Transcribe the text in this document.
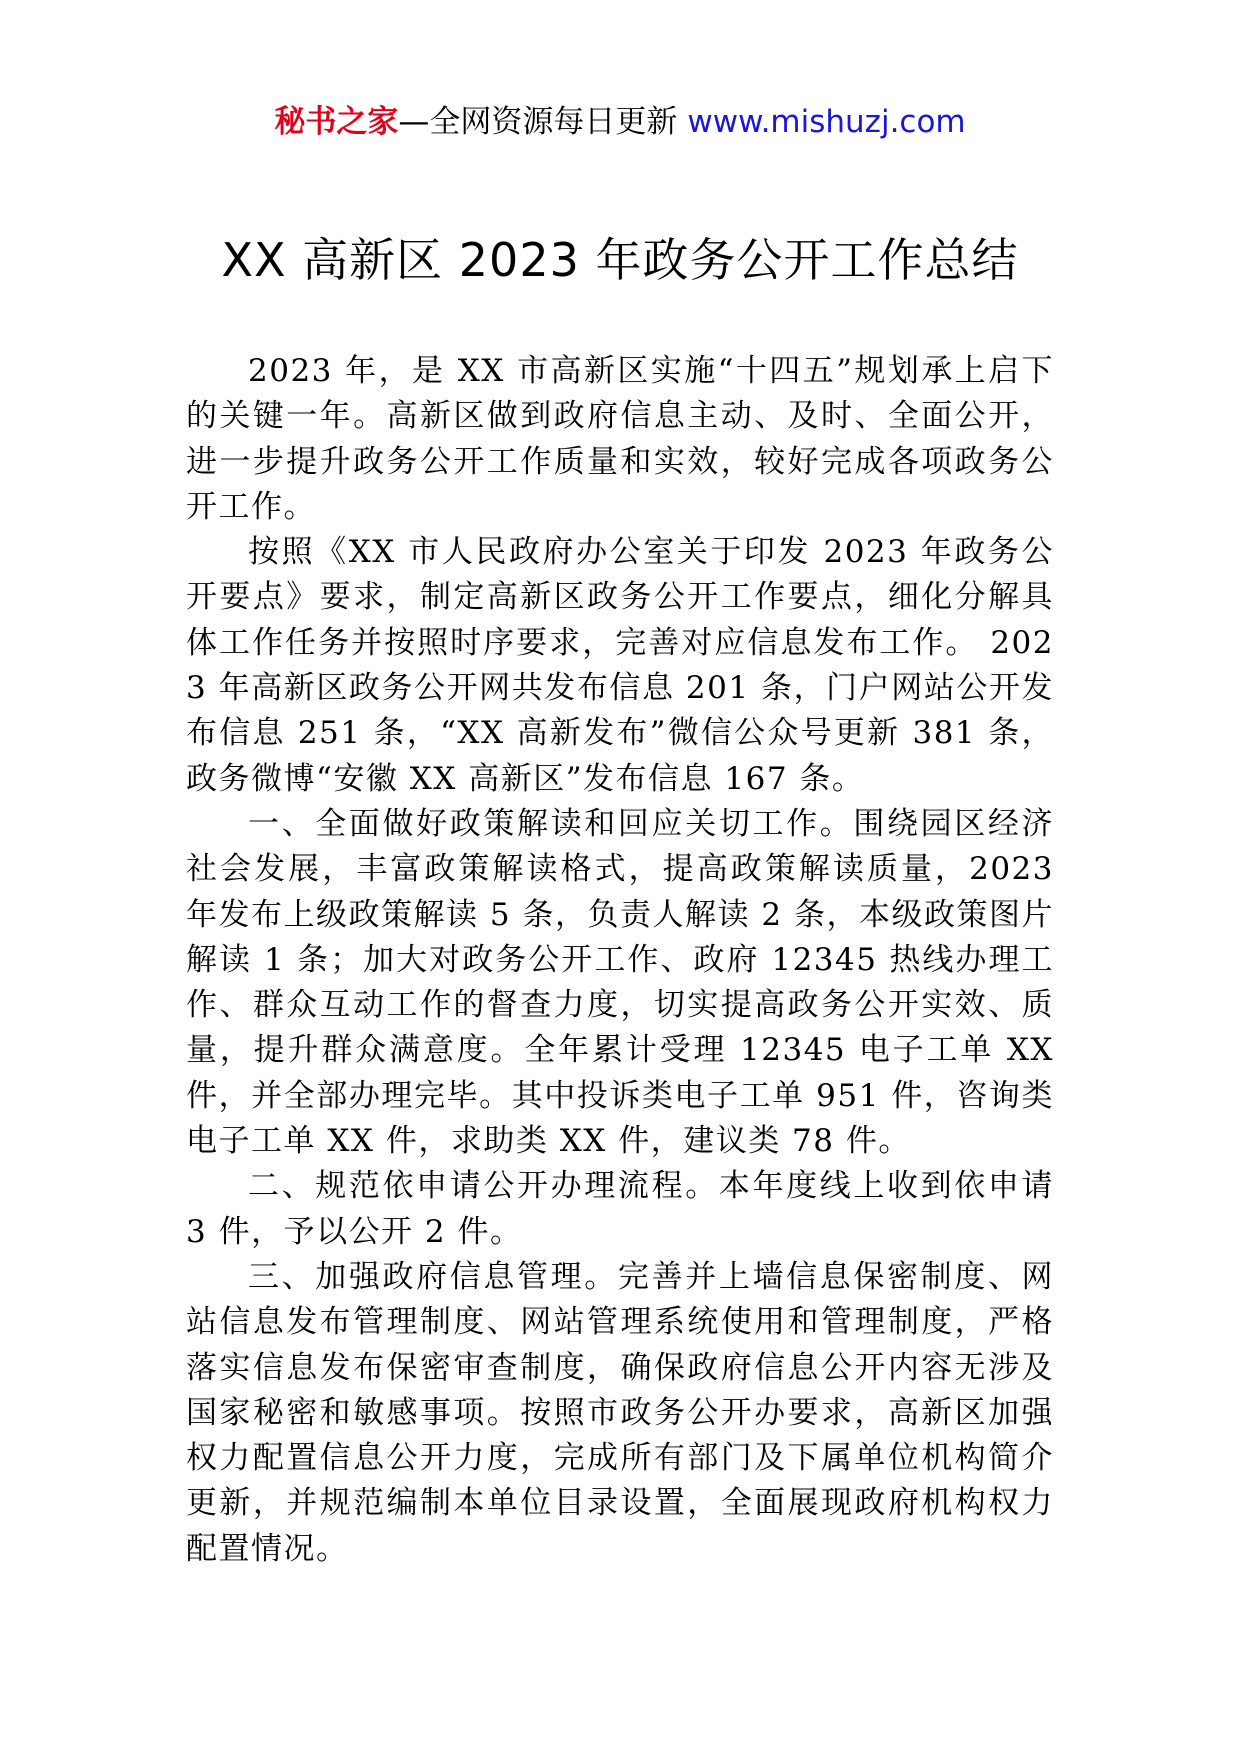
秘书之家—全网资源每日更新 www.mishuzj.com
XX 高新区 2023 年政务公开工作总结

2023 年，是 XX 市高新区实施“十四五”规划承上启下的关键一年。高新区做到政府信息主动、及时、全面公开，进一步提升政务公开工作质量和实效，较好完成各项政务公开工作。

按照《XX 市人民政府办公室关于印发 2023 年政务公开要点》要求，制定高新区政务公开工作要点，细化分解具体工作任务并按照时序要求，完善对应信息发布工作。 2023 年高新区政务公开网共发布信息 201 条，门户网站公开发布信息 251 条，“XX 高新发布”微信公众号更新 381 条，政务微博“安徽 XX 高新区”发布信息 167 条。

一、全面做好政策解读和回应关切工作。围绕园区经济社会发展，丰富政策解读格式，提高政策解读质量，2023 年发布上级政策解读 5 条，负责人解读 2 条，本级政策图片解读 1 条；加大对政务公开工作、政府 12345 热线办理工作、群众互动工作的督查力度，切实提高政务公开实效、质量，提升群众满意度。全年累计受理 12345 电子工单 XX 件，并全部办理完毕。其中投诉类电子工单 951 件，咨询类电子工单 XX 件，求助类 XX 件，建议类 78 件。

二、规范依申请公开办理流程。本年度线上收到依申请 3 件，予以公开 2 件。

三、加强政府信息管理。完善并上墙信息保密制度、网站信息发布管理制度、网站管理系统使用和管理制度，严格落实信息发布保密审查制度，确保政府信息公开内容无涉及国家秘密和敏感事项。按照市政务公开办要求，高新区加强权力配置信息公开力度，完成所有部门及下属单位机构简介更新，并规范编制本单位目录设置，全面展现政府机构权力配置情况。
